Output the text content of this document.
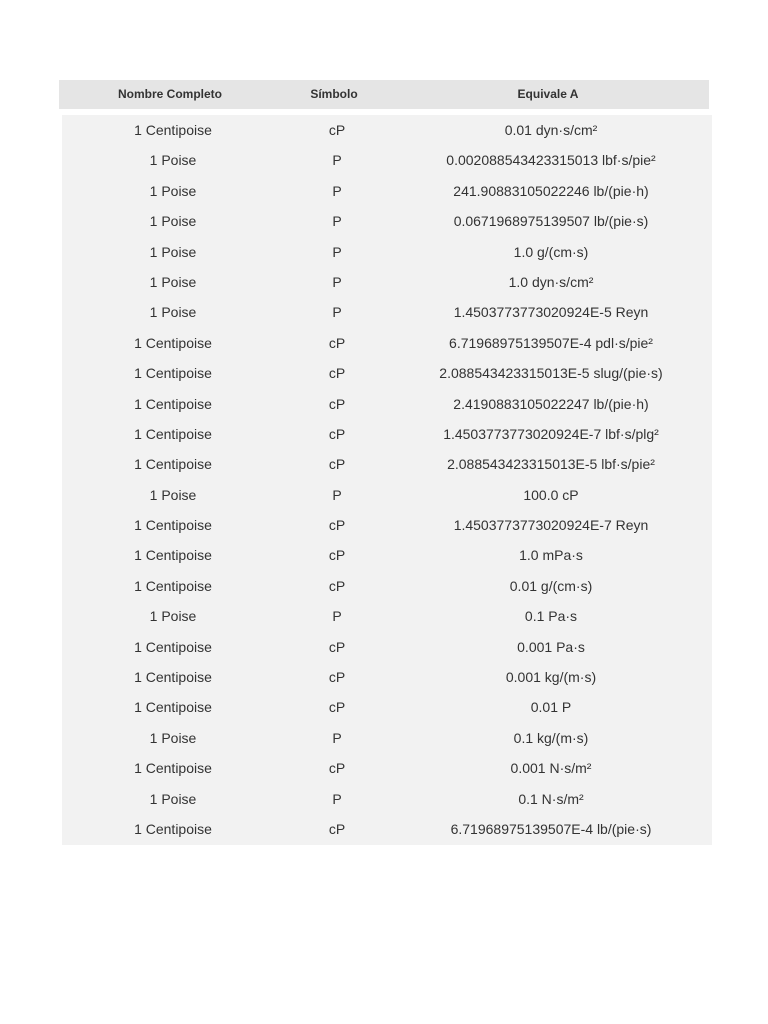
Nombre Completo	Símbolo	Equivale A
1 Centipoise	cP	0.01 dyn·s/cm²
1 Poise	P	0.002088543423315013 lbf·s/pie²
1 Poise	P	241.90883105022246 lb/(pie·h)
1 Poise	P	0.0671968975139507 lb/(pie·s)
1 Poise	P	1.0 g/(cm·s)
1 Poise	P	1.0 dyn·s/cm²
1 Poise	P	1.4503773773020924E-5 Reyn
1 Centipoise	cP	6.71968975139507E-4 pdl·s/pie²
1 Centipoise	cP	2.088543423315013E-5 slug/(pie·s)
1 Centipoise	cP	2.4190883105022247 lb/(pie·h)
1 Centipoise	cP	1.4503773773020924E-7 lbf·s/plg²
1 Centipoise	cP	2.088543423315013E-5 lbf·s/pie²
1 Poise	P	100.0 cP
1 Centipoise	cP	1.4503773773020924E-7 Reyn
1 Centipoise	cP	1.0 mPa·s
1 Centipoise	cP	0.01 g/(cm·s)
1 Poise	P	0.1 Pa·s
1 Centipoise	cP	0.001 Pa·s
1 Centipoise	cP	0.001 kg/(m·s)
1 Centipoise	cP	0.01 P
1 Poise	P	0.1 kg/(m·s)
1 Centipoise	cP	0.001 N·s/m²
1 Poise	P	0.1 N·s/m²
1 Centipoise	cP	6.71968975139507E-4 lb/(pie·s)
